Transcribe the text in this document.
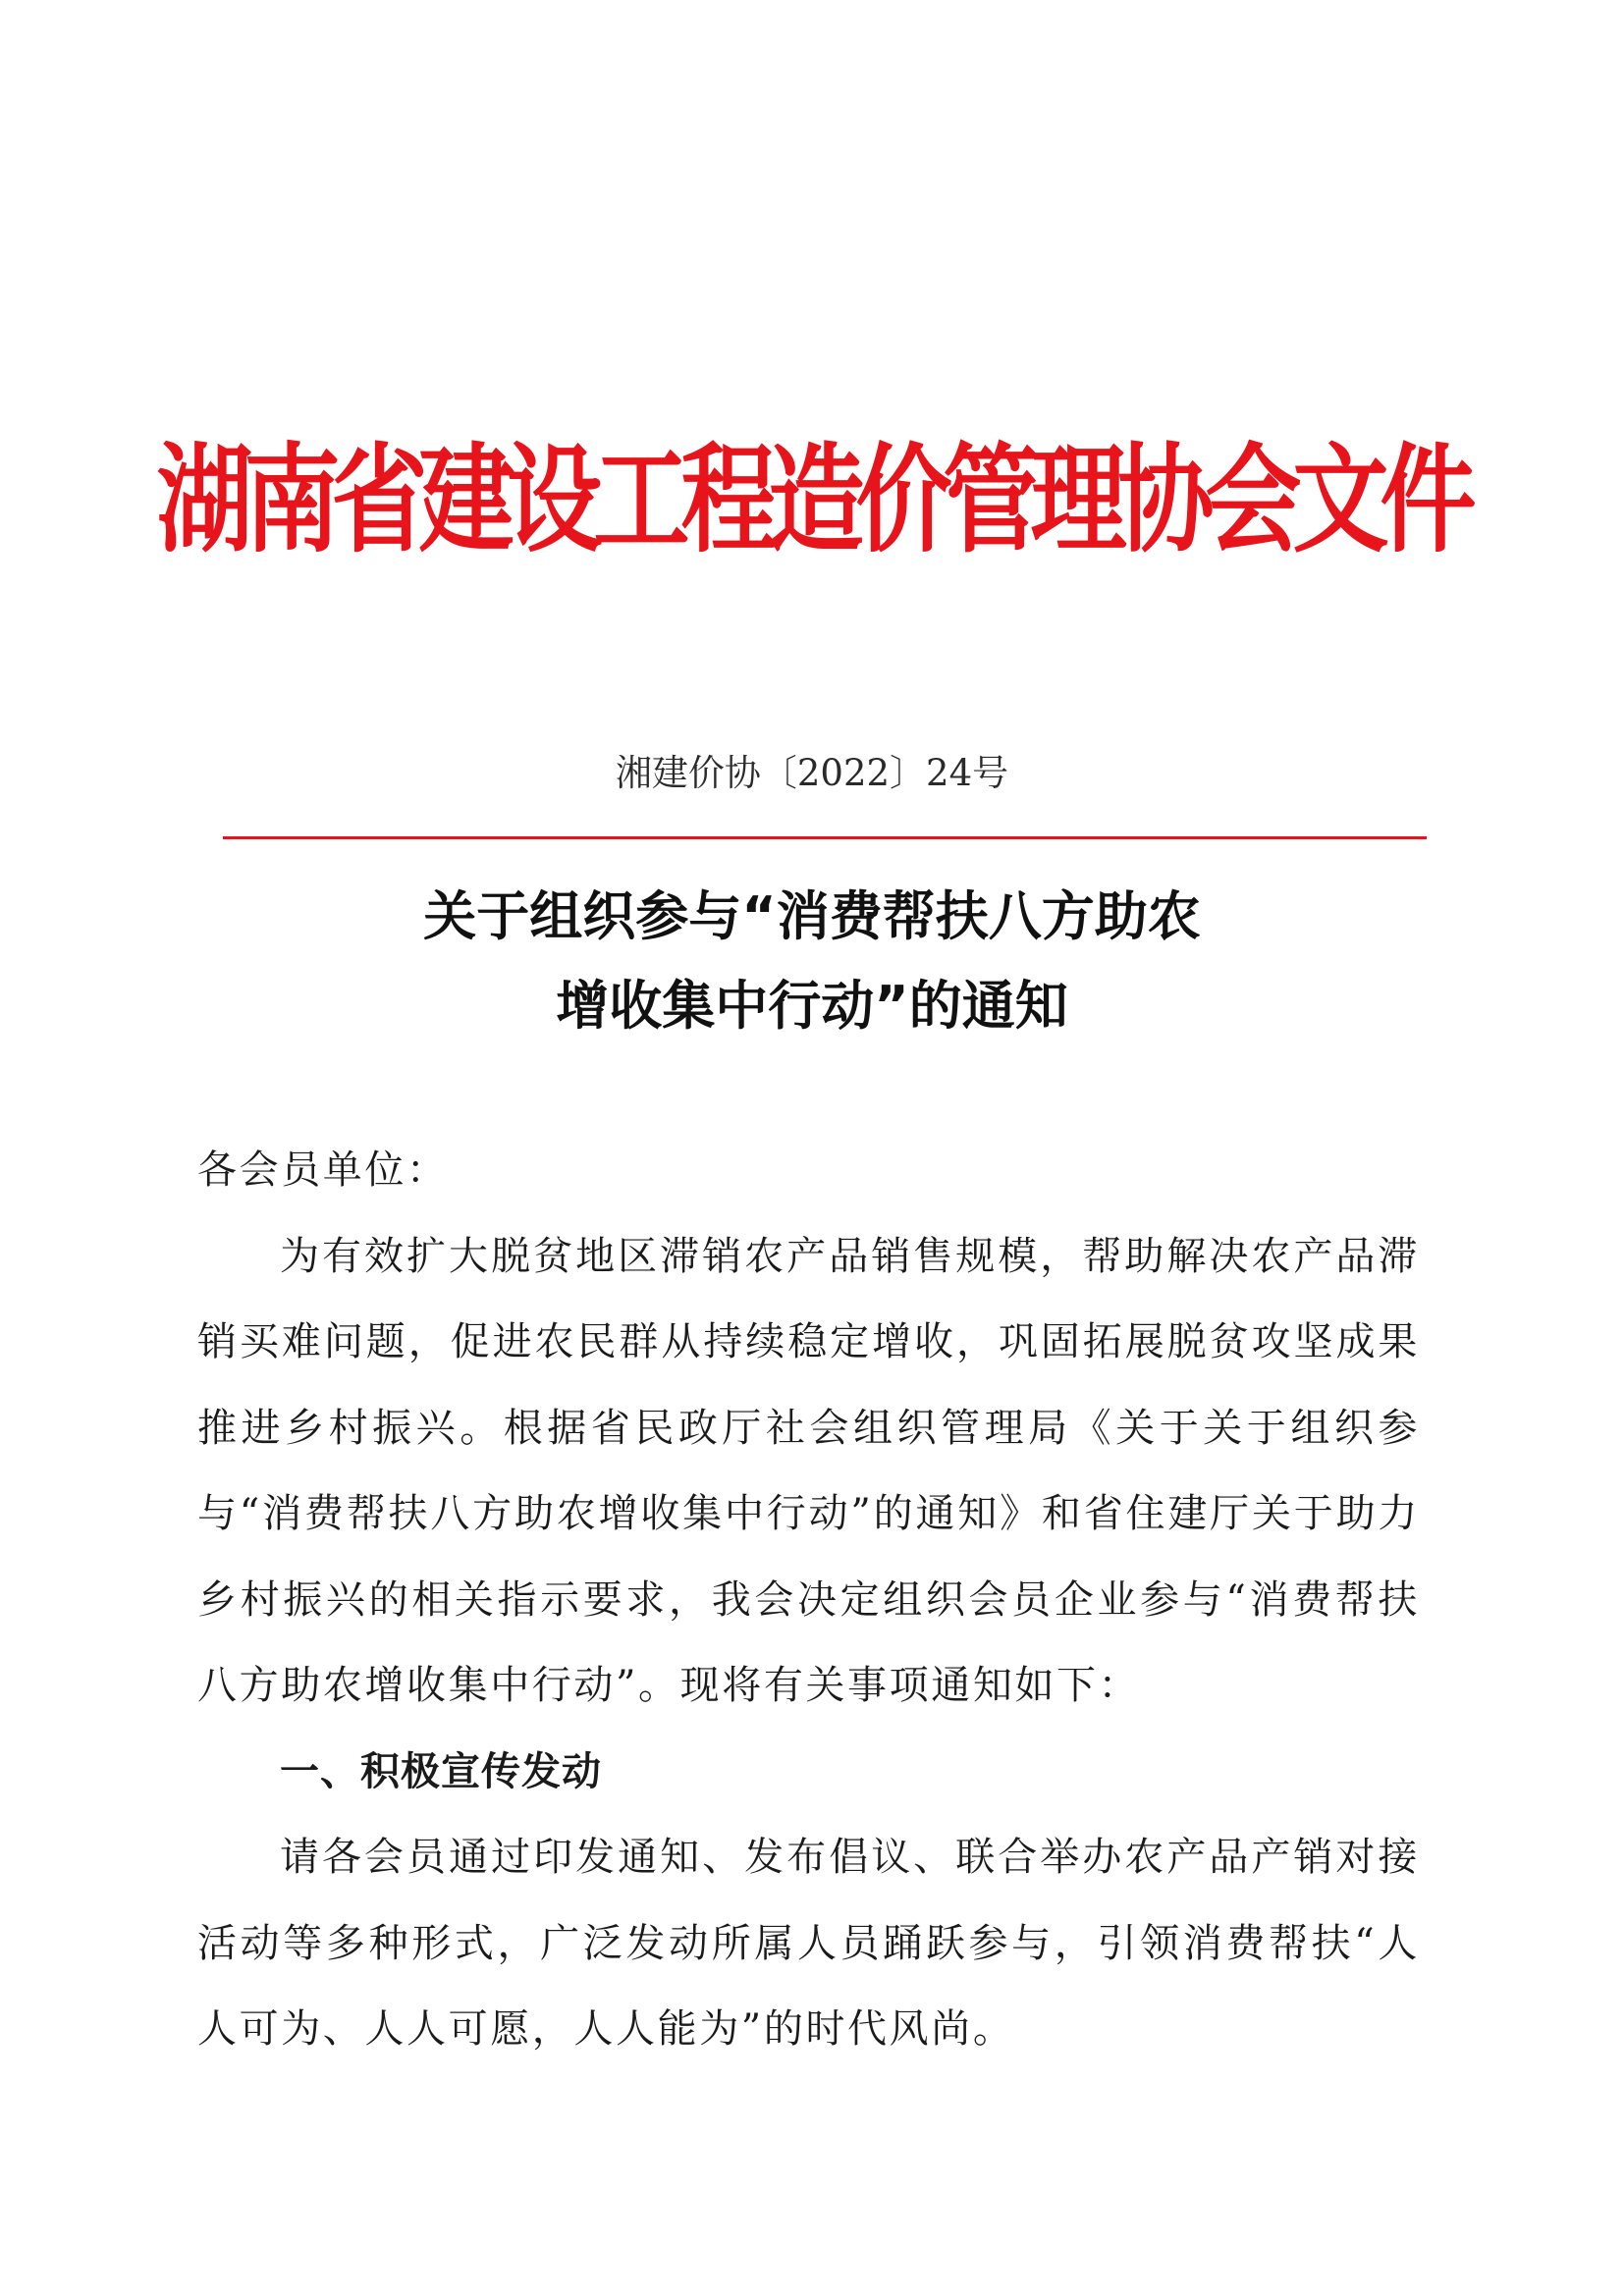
湖南省建设工程造价管理协会文件
湘建价协〔2022〕24号
关于组织参与“消费帮扶八方助农
增收集中行动”的通知

各会员单位：

为有效扩大脱贫地区滞销农产品销售规模，帮助解决农产品滞销买难问题，促进农民群从持续稳定增收，巩固拓展脱贫攻坚成果推进乡村振兴。根据省民政厅社会组织管理局《关于关于组织参与“消费帮扶八方助农增收集中行动”的通知》和省住建厅关于助力乡村振兴的相关指示要求，我会决定组织会员企业参与“消费帮扶八方助农增收集中行动”。现将有关事项通知如下：

一、积极宣传发动

请各会员通过印发通知、发布倡议、联合举办农产品产销对接活动等多种形式，广泛发动所属人员踊跃参与，引领消费帮扶“人人可为、人人可愿，人人能为”的时代风尚。
